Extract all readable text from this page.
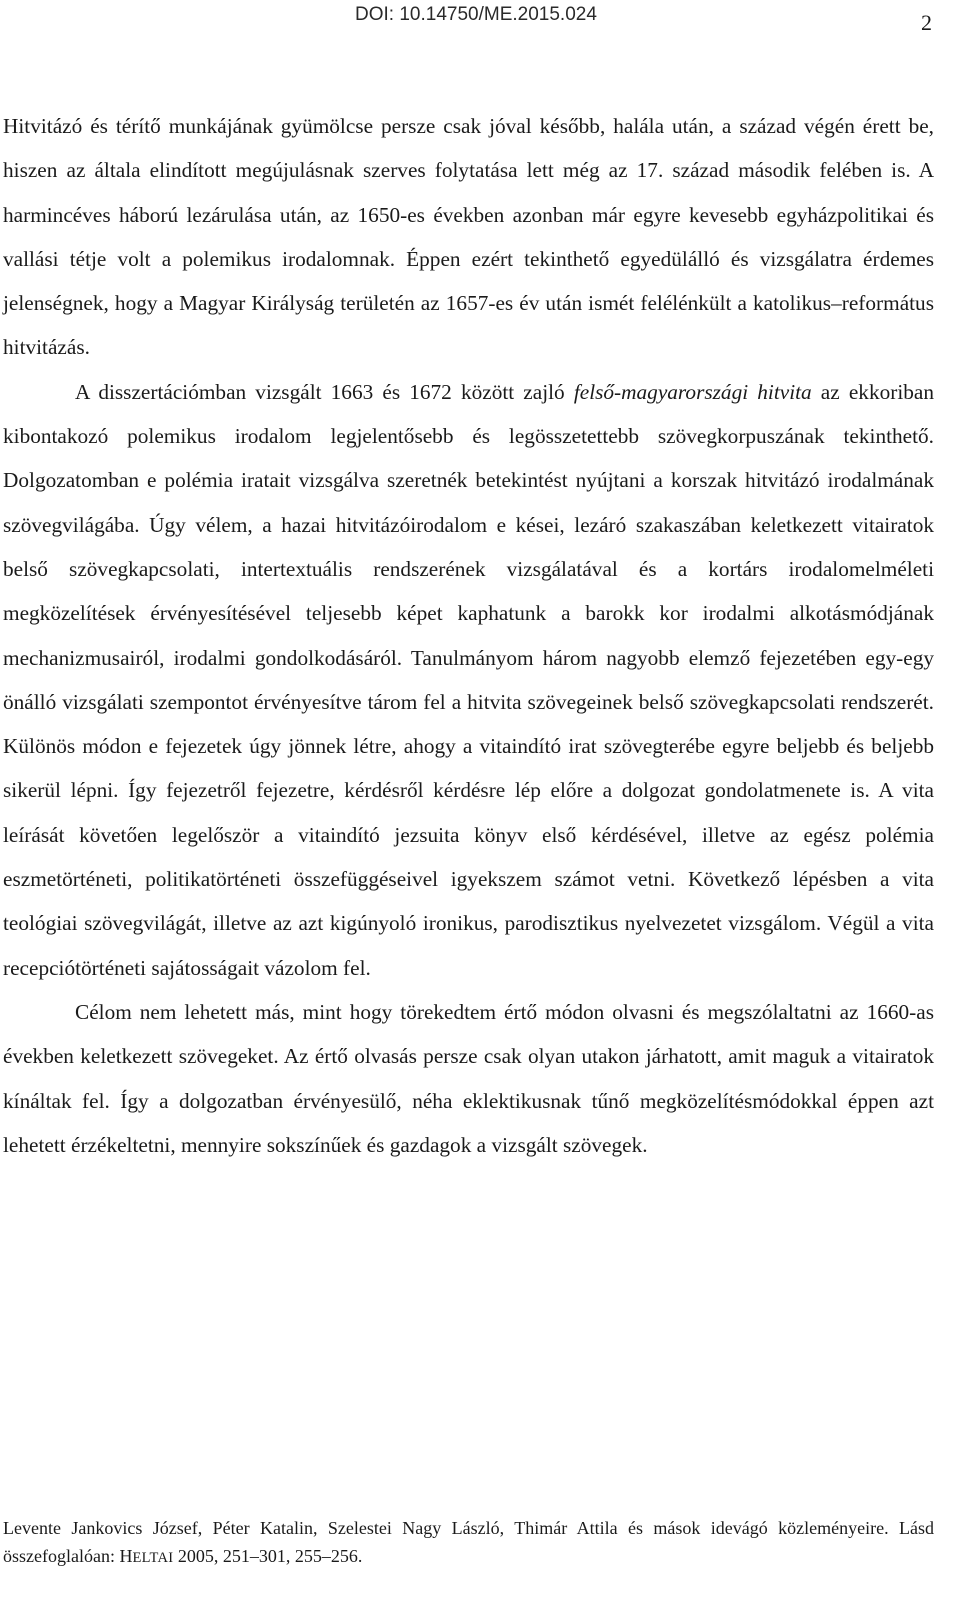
DOI: 10.14750/ME.2015.024	2

Hitvitázó és térítő munkájának gyümölcse persze csak jóval később, halála után, a század végén érett be, hiszen az általa elindított megújulásnak szerves folytatása lett még az 17. század második felében is. A harmincéves háború lezárulása után, az 1650-es években azonban már egyre kevesebb egyházpolitikai és vallási tétje volt a polemikus irodalomnak. Éppen ezért tekinthető egyedülálló és vizsgálatra érdemes jelenségnek, hogy a Magyar Királyság területén az 1657-es év után ismét felélénkült a katolikus–református hitvitázás.

A disszertációmban vizsgált 1663 és 1672 között zajló felső-magyarországi hitvita az ekkoriban kibontakozó polemikus irodalom legjelentősebb és legösszetettebb szövegkorpuszának tekinthető. Dolgozatomban e polémia iratait vizsgálva szeretnék betekintést nyújtani a korszak hitvitázó irodalmának szövegvilágába. Úgy vélem, a hazai hitvitázóirodalom e kései, lezáró szakaszában keletkezett vitairatok belső szövegkapcsolati, intertextuális rendszerének vizsgálatával és a kortárs irodalomelméleti megközelítések érvényesítésével teljesebb képet kaphatunk a barokk kor irodalmi alkotásmódjának mechanizmusairól, irodalmi gondolkodásáról. Tanulmányom három nagyobb elemző fejezetében egy-egy önálló vizsgálati szempontot érvényesítve tárom fel a hitvita szövegeinek belső szövegkapcsolati rendszerét. Különös módon e fejezetek úgy jönnek létre, ahogy a vitaindító irat szövegterébe egyre beljebb és beljebb sikerül lépni. Így fejezetről fejezetre, kérdésről kérdésre lép előre a dolgozat gondolatmenete is. A vita leírását követően legelőször a vitaindító jezsuita könyv első kérdésével, illetve az egész polémia eszmetörténeti, politikatörténeti összefüggéseivel igyekszem számot vetni. Következő lépésben a vita teológiai szövegvilágát, illetve az azt kigúnyoló ironikus, parodisztikus nyelvezetet vizsgálom. Végül a vita recepciótörténeti sajátosságait vázolom fel.

Célom nem lehetett más, mint hogy törekedtem értő módon olvasni és megszólaltatni az 1660-as években keletkezett szövegeket. Az értő olvasás persze csak olyan utakon járhatott, amit maguk a vitairatok kínáltak fel. Így a dolgozatban érvényesülő, néha eklektikusnak tűnő megközelítésmódokkal éppen azt lehetett érzékeltetni, mennyire sokszínűek és gazdagok a vizsgált szövegek.

Levente Jankovics József, Péter Katalin, Szelestei Nagy László, Thimár Attila és mások idevágó közleményeire. Lásd összefoglalóan: HELTAI 2005, 251–301, 255–256.
